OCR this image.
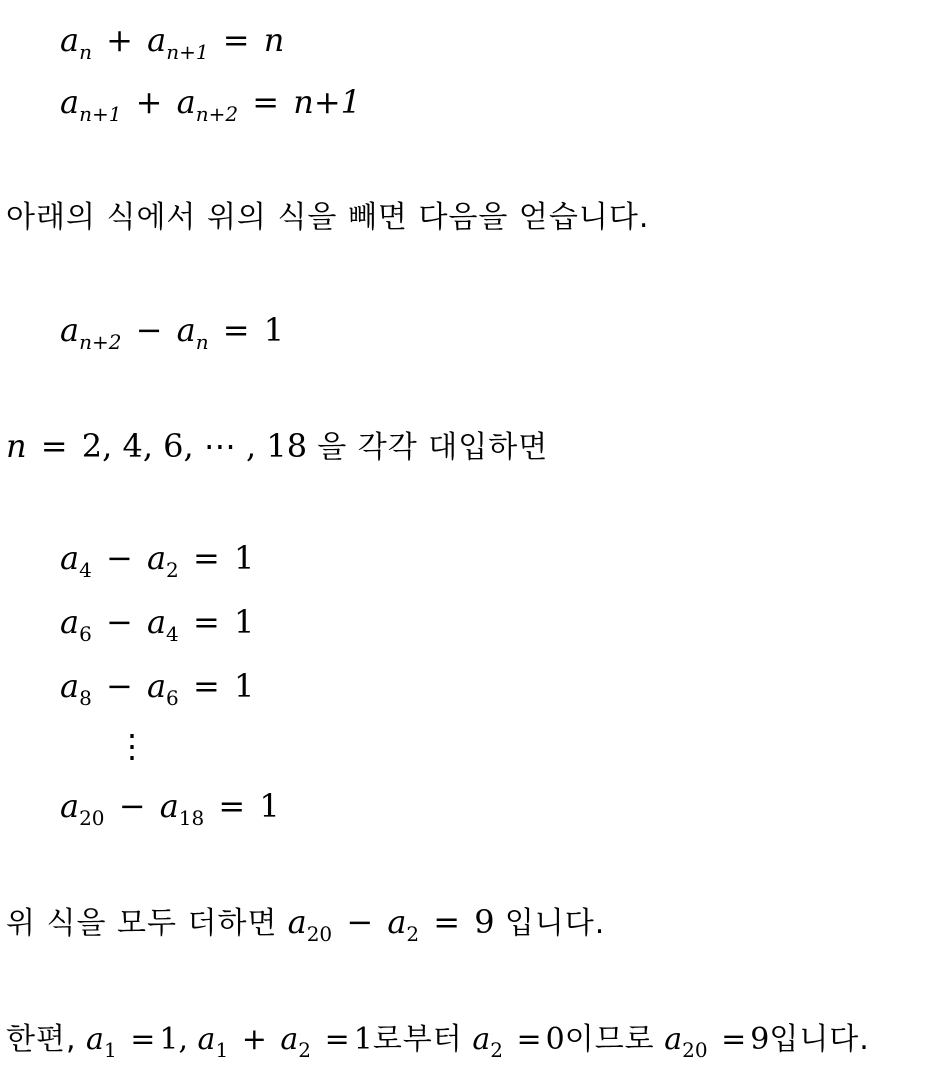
$a_n + a_{n+1} = n$
$a_{n+1} + a_{n+2} = n+1$
아래의 식에서 위의 식을 빼면 다음을 얻습니다.
$a_{n+2} - a_n = 1$
n = 2, 4, 6, ⋯ , 18 을 각각 대입하면
$a_4 - a_2 = 1$
$a_6 - a_4 = 1$
$a_8 - a_6 = 1$
⋮
$a_{20} - a_{18} = 1$
위 식을 모두 더하면 $a_{20} - a_2 = 9$ 입니다.
한편, $a_1 = 1$, $a_1 + a_2 = 1$로부터 $a_2 = 0$이므로 $a_{20} = 9$입니다.
